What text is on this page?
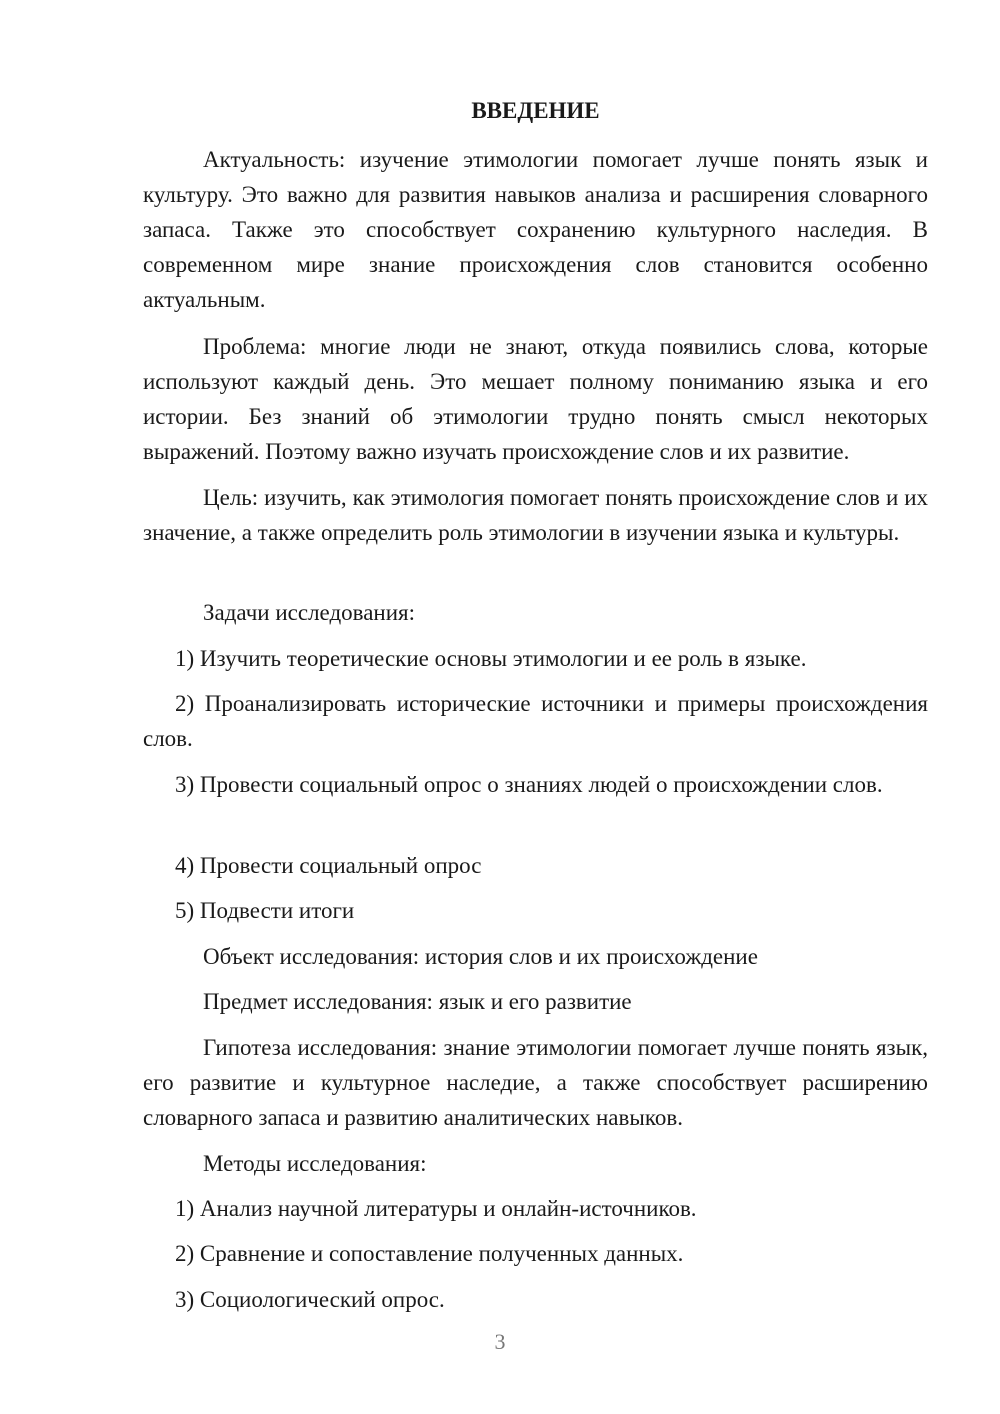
ВВЕДЕНИЕ

Актуальность: изучение этимологии помогает лучше понять язык и культуру. Это важно для развития навыков анализа и расширения словарного запаса. Также это способствует сохранению культурного наследия. В современном мире знание происхождения слов становится особенно актуальным.

Проблема: многие люди не знают, откуда появились слова, которые используют каждый день. Это мешает полному пониманию языка и его истории. Без знаний об этимологии трудно понять смысл некоторых выражений. Поэтому важно изучать происхождение слов и их развитие.

Цель: изучить, как этимология помогает понять происхождение слов и их значение, а также определить роль этимологии в изучении языка и культуры.

Задачи исследования:

1) Изучить теоретические основы этимологии и ее роль в языке.

2) Проанализировать исторические источники и примеры происхождения слов.

3) Провести социальный опрос о знаниях людей о происхождении слов.

4) Провести социальный опрос

5) Подвести итоги

Объект исследования: история слов и их происхождение

Предмет исследования: язык и его развитие

Гипотеза исследования: знание этимологии помогает лучше понять язык, его развитие и культурное наследие, а также способствует расширению словарного запаса и развитию аналитических навыков.

Методы исследования:

1) Анализ научной литературы и онлайн-источников.

2) Сравнение и сопоставление полученных данных.

3) Социологический опрос.

3
